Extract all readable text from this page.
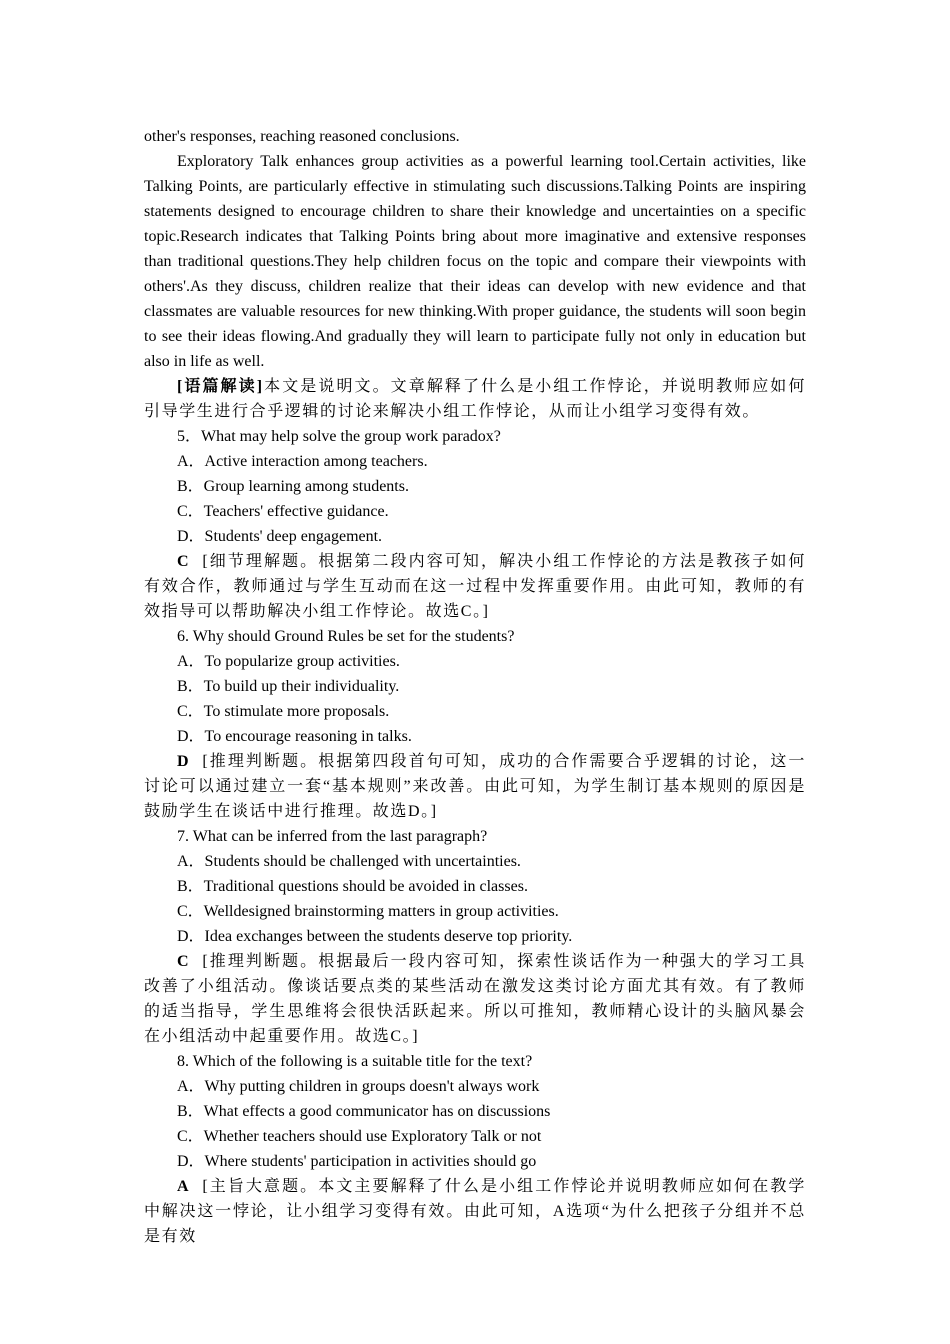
other's responses, reaching reasoned conclusions.

Exploratory Talk enhances group activities as a powerful learning tool.Certain activities, like Talking Points, are particularly effective in stimulating such discussions.Talking Points are inspiring statements designed to encourage children to share their knowledge and uncertainties on a specific topic.Research indicates that Talking Points bring about more imaginative and extensive responses than traditional questions.They help children focus on the topic and compare their viewpoints with others'.As they discuss, children realize that their ideas can develop with new evidence and that classmates are valuable resources for new thinking.With proper guidance, the students will soon begin to see their ideas flowing.And gradually they will learn to participate fully not only in education but also in life as well.

[语篇解读]本文是说明文。文章解释了什么是小组工作悖论，并说明教师应如何引导学生进行合乎逻辑的讨论来解决小组工作悖论，从而让小组学习变得有效。

5．What may help solve the group work paradox?

A．Active interaction among teachers.

B．Group learning among students.

C．Teachers' effective guidance.

D．Students' deep engagement.

C [细节理解题。根据第二段内容可知，解决小组工作悖论的方法是教孩子如何有效合作，教师通过与学生互动而在这一过程中发挥重要作用。由此可知，教师的有效指导可以帮助解决小组工作悖论。故选C。]

6. Why should Ground Rules be set for the students?

A．To popularize group activities.

B．To build up their individuality.

C．To stimulate more proposals.

D．To encourage reasoning in talks.

D [推理判断题。根据第四段首句可知，成功的合作需要合乎逻辑的讨论，这一讨论可以通过建立一套“基本规则”来改善。由此可知，为学生制订基本规则的原因是鼓励学生在谈话中进行推理。故选D。]

7. What can be inferred from the last paragraph?

A．Students should be challenged with uncertainties.

B．Traditional questions should be avoided in classes.

C．Welldesigned brainstorming matters in group activities.

D．Idea exchanges between the students deserve top priority.

C [推理判断题。根据最后一段内容可知，探索性谈话作为一种强大的学习工具改善了小组活动。像谈话要点类的某些活动在激发这类讨论方面尤其有效。有了教师的适当指导，学生思维将会很快活跃起来。所以可推知，教师精心设计的头脑风暴会在小组活动中起重要作用。故选C。]

8. Which of the following is a suitable title for the text?

A．Why putting children in groups doesn't always work

B．What effects a good communicator has on discussions

C．Whether teachers should use Exploratory Talk or not

D．Where students' participation in activities should go

A [主旨大意题。本文主要解释了什么是小组工作悖论并说明教师应如何在教学中解决这一悖论，让小组学习变得有效。由此可知，A选项“为什么把孩子分组并不总是有效
